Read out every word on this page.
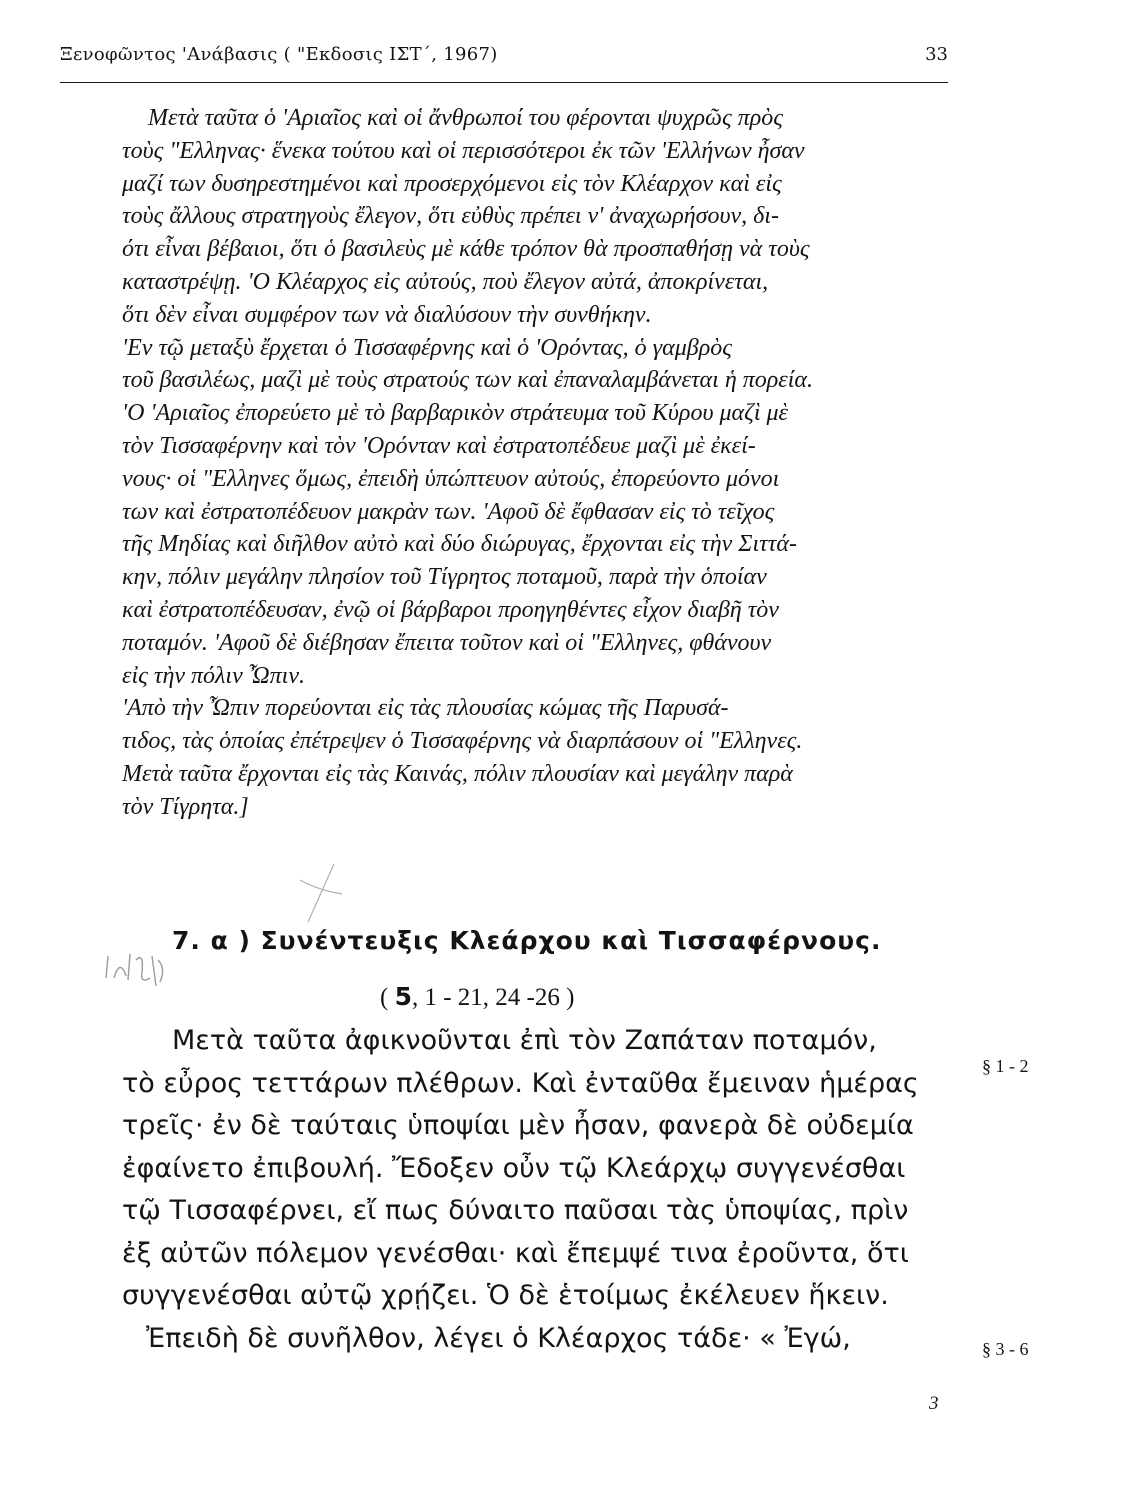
Ξενοφῶντος 'Ανάβασις ( "Εκδοσις ΙΣΤ΄, 1967)	33
Μετὰ ταῦτα ὁ 'Αριαῖος καὶ οἱ ἄνθρωποί του φέρονται ψυχρῶς πρὸς
τοὺς "Ελληνας· ἕνεκα τούτου καὶ οἱ περισσότεροι ἐκ τῶν 'Ελλήνων ἦσαν
μαζί των δυσηρεστημένοι καὶ προσερχόμενοι εἰς τὸν Κλέαρχον καὶ εἰς
τοὺς ἄλλους στρατηγοὺς ἔλεγον, ὅτι εὐθὺς πρέπει ν' ἀναχωρήσουν, δι-
ότι εἶναι βέβαιοι, ὅτι ὁ βασιλεὺς μὲ κάθε τρόπον θὰ προσπαθήσῃ νὰ τοὺς
καταστρέψῃ. 'Ο Κλέαρχος εἰς αὐτούς, ποὺ ἔλεγον αὐτά, ἀποκρίνεται,
ὅτι δὲν εἶναι συμφέρον των νὰ διαλύσουν τὴν συνθήκην.
'Εν τῷ μεταξὺ ἔρχεται ὁ Τισσαφέρνης καὶ ὁ 'Ορόντας, ὁ γαμβρὸς
τοῦ βασιλέως, μαζὶ μὲ τοὺς στρατούς των καὶ ἐπαναλαμβάνεται ἡ πορεία.
'Ο 'Αριαῖος ἐπορεύετο μὲ τὸ βαρβαρικὸν στράτευμα τοῦ Κύρου μαζὶ μὲ
τὸν Τισσαφέρνην καὶ τὸν 'Ορόνταν καὶ ἐστρατοπέδευε μαζὶ μὲ ἐκεί-
νους· οἱ "Ελληνες ὅμως, ἐπειδὴ ὑπώπτευον αὐτούς, ἐπορεύοντο μόνοι
των καὶ ἐστρατοπέδευον μακρὰν των. 'Αφοῦ δὲ ἔφθασαν εἰς τὸ τεῖχος
τῆς Μηδίας καὶ διῆλθον αὐτὸ καὶ δύο διώρυγας, ἔρχονται εἰς τὴν Σιττά-
κην, πόλιν μεγάλην πλησίον τοῦ Τίγρητος ποταμοῦ, παρὰ τὴν ὁποίαν
καὶ ἐστρατοπέδευσαν, ἐνῷ οἱ βάρβαροι προηγηθέντες εἶχον διαβῆ τὸν
ποταμόν. 'Αφοῦ δὲ διέβησαν ἔπειτα τοῦτον καὶ οἱ "Ελληνες, φθάνουν
εἰς τὴν πόλιν Ὦπιν.
'Απὸ τὴν Ὦπιν πορεύονται εἰς τὰς πλουσίας κώμας τῆς Παρυσά-
τιδος, τὰς ὁποίας ἐπέτρεψεν ὁ Τισσαφέρνης νὰ διαρπάσουν οἱ "Ελληνες.
Μετὰ ταῦτα ἔρχονται εἰς τὰς Καινάς, πόλιν πλουσίαν καὶ μεγάλην παρὰ
τὸν Τίγρητα.]
7. α ) Συνέντευξις Κλεάρχου καὶ Τισσαφέρνους.
( 5, 1 - 21, 24 -26 )
Μετὰ ταῦτα ἀφικνοῦνται ἐπὶ τὸν Ζαπάταν ποταμόν,
τὸ εὖρος τεττάρων πλέθρων. Καὶ ἐνταῦθα ἔμειναν ἡμέρας
τρεῖς· ἐν δὲ ταύταις ὑποψίαι μὲν ἦσαν, φανερὰ δὲ οὐδεμία
ἐφαίνετο ἐπιβουλή. Ἔδοξεν οὖν τῷ Κλεάρχῳ συγγενέσθαι
τῷ Τισσαφέρνει, εἴ πως δύναιτο παῦσαι τὰς ὑποψίας, πρὶν
ἐξ αὐτῶν πόλεμον γενέσθαι· καὶ ἔπεμψέ τινα ἐροῦντα, ὅτι
συγγενέσθαι αὐτῷ χρῄζει. Ὁ δὲ ἑτοίμως ἐκέλευεν ἥκειν.
Ἐπειδὴ δὲ συνῆλθον, λέγει ὁ Κλέαρχος τάδε· « Ἐγώ,
§ 1 - 2
§ 3 - 6
3
